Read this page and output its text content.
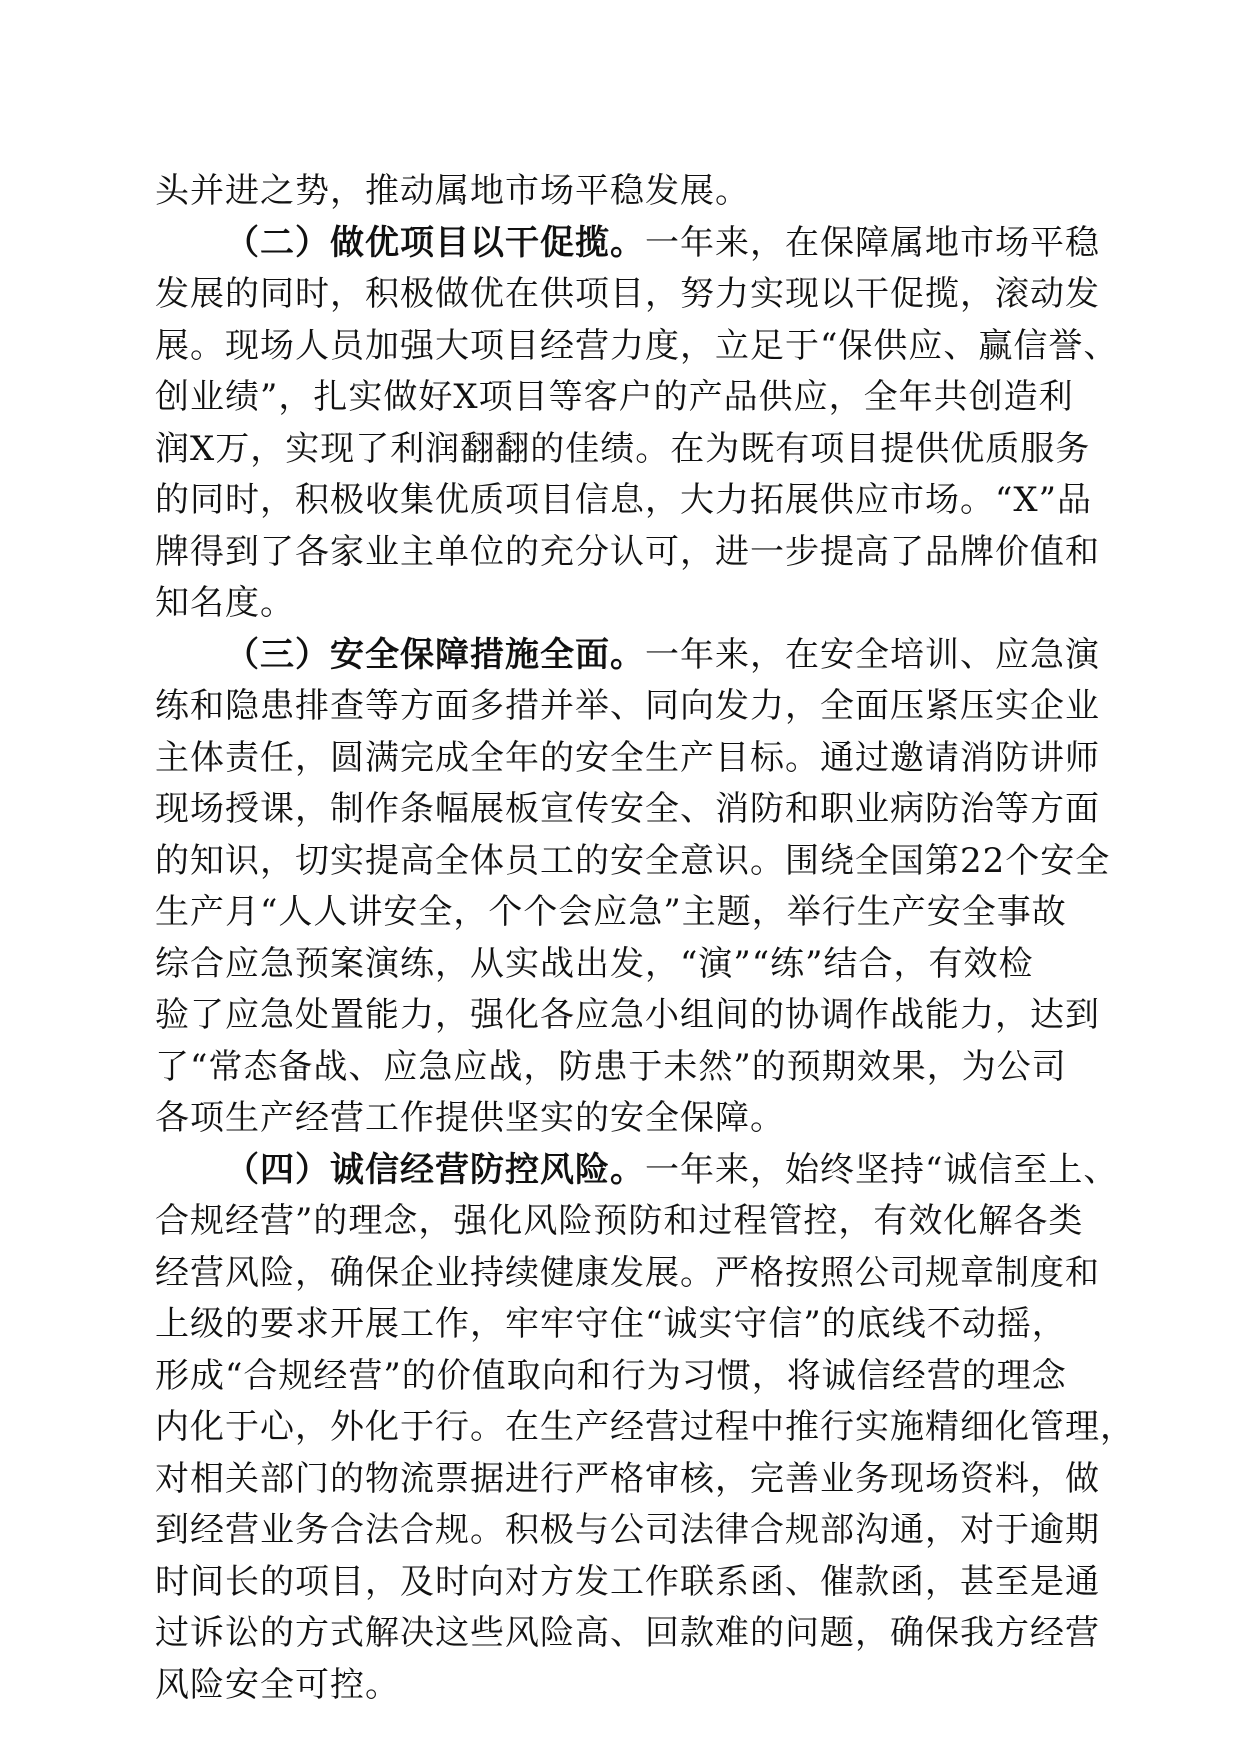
头并进之势，推动属地市场平稳发展。
（二）做优项目以干促揽。一年来，在保障属地市场平稳
发展的同时，积极做优在供项目，努力实现以干促揽，滚动发
展。现场人员加强大项目经营力度，立足于“保供应、赢信誉、
创业绩”，扎实做好X项目等客户的产品供应，全年共创造利
润X万，实现了利润翻翻的佳绩。在为既有项目提供优质服务
的同时，积极收集优质项目信息，大力拓展供应市场。“X”品
牌得到了各家业主单位的充分认可，进一步提高了品牌价值和
知名度。
（三）安全保障措施全面。一年来，在安全培训、应急演
练和隐患排查等方面多措并举、同向发力，全面压紧压实企业
主体责任，圆满完成全年的安全生产目标。通过邀请消防讲师
现场授课，制作条幅展板宣传安全、消防和职业病防治等方面
的知识，切实提高全体员工的安全意识。围绕全国第22个安全
生产月“人人讲安全，个个会应急”主题，举行生产安全事故
综合应急预案演练，从实战出发，“演”“练”结合，有效检
验了应急处置能力，强化各应急小组间的协调作战能力，达到
了“常态备战、应急应战，防患于未然”的预期效果，为公司
各项生产经营工作提供坚实的安全保障。
（四）诚信经营防控风险。一年来，始终坚持“诚信至上、
合规经营”的理念，强化风险预防和过程管控，有效化解各类
经营风险，确保企业持续健康发展。严格按照公司规章制度和
上级的要求开展工作，牢牢守住“诚实守信”的底线不动摇，
形成“合规经营”的价值取向和行为习惯，将诚信经营的理念
内化于心，外化于行。在生产经营过程中推行实施精细化管理，
对相关部门的物流票据进行严格审核，完善业务现场资料，做
到经营业务合法合规。积极与公司法律合规部沟通，对于逾期
时间长的项目，及时向对方发工作联系函、催款函，甚至是通
过诉讼的方式解决这些风险高、回款难的问题，确保我方经营
风险安全可控。
